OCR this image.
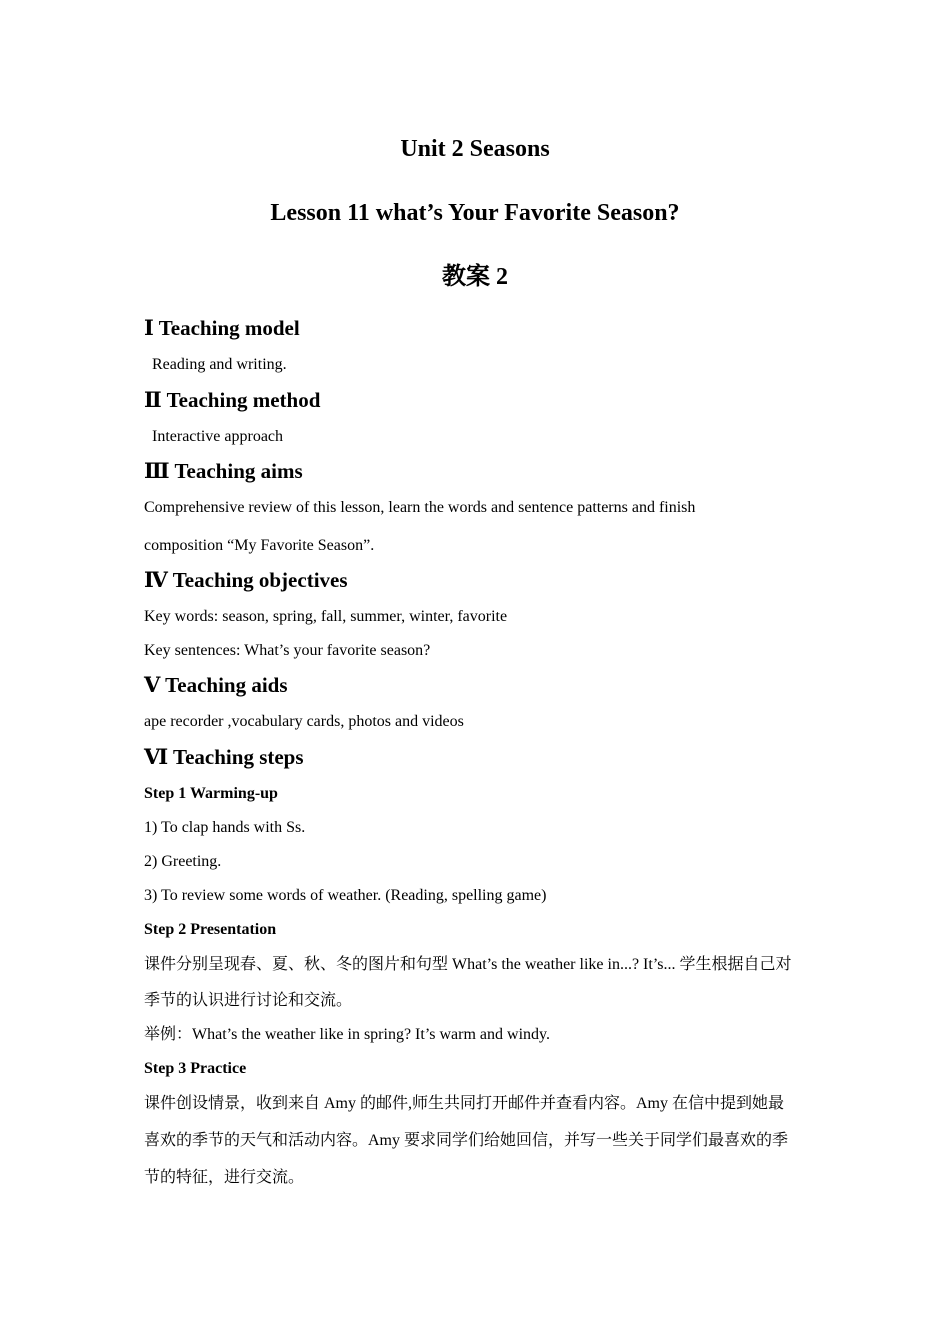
Unit 2 Seasons
Lesson 11 what’s Your Favorite Season?
教案 2
Ⅰ Teaching model
Reading and writing.
Ⅱ Teaching method
Interactive approach
Ⅲ Teaching aims
Comprehensive review of this lesson, learn the words and sentence patterns and finish
composition “My Favorite Season”.
Ⅳ Teaching objectives
Key words: season, spring, fall, summer, winter, favorite
Key sentences: What’s your favorite season?
Ⅴ Teaching aids
ape recorder ,vocabulary cards, photos and videos
Ⅵ Teaching steps
Step 1 Warming-up
1) To clap hands with Ss.
2) Greeting.
3) To review some words of weather. (Reading, spelling game)
Step 2 Presentation
课件分别呈现春、夏、秋、冬的图片和句型 What’s the weather like in...? It’s... 学生根据自己对
季节的认识进行讨论和交流。
举例：What’s the weather like in spring? It’s warm and windy.
Step 3 Practice
课件创设情景，收到来自 Amy 的邮件,师生共同打开邮件并查看内容。Amy 在信中提到她最
喜欢的季节的天气和活动内容。Amy 要求同学们给她回信，并写一些关于同学们最喜欢的季
节的特征，进行交流。
